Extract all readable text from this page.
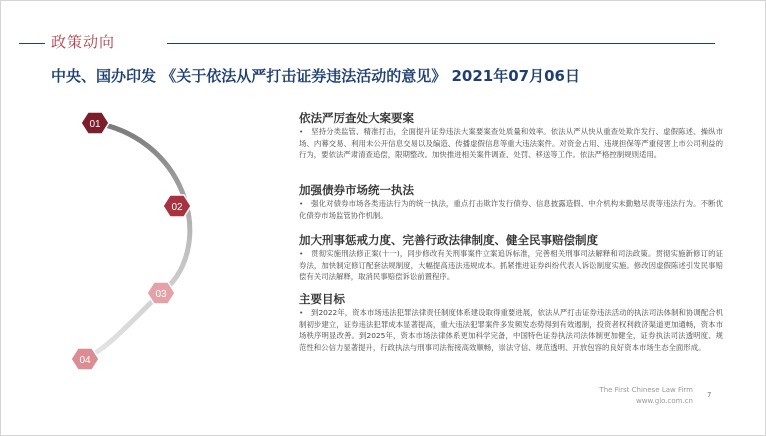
政策动向
中央、国办印发 《关于依法从严打击证券违法活动的意见》 2021年07月06日
01
02
03
04
依法严厉查处大案要案
• 坚持分类监管、精准打击，全面提升证券违法大案要案查处质量和效率。依法从严从快从重查处欺诈发行、虚假陈述、操纵市场、内幕交易、利用未公开信息交易以及编造、传播虚假信息等重大违法案件。对资金占用、违规担保等严重侵害上市公司利益的行为，要依法严肃清查追偿，限期整改。加快推进相关案件调查、处罚、移送等工作。依法严格控制规则适用。
加强债券市场统一执法
• 强化对债券市场各类违法行为的统一执法，重点打击欺诈发行债券、信息披露造假、中介机构未勤勉尽责等违法行为。不断优化债券市场监管协作机制。
加大刑事惩戒力度、完善行政法律制度、健全民事赔偿制度
• 贯彻实施刑法修正案(十一)，同步修改有关刑事案件立案追诉标准，完善相关刑事司法解释和司法政策。贯彻实施新修订的证券法，加快制定修订配套法规制度，大幅提高违法违规成本。抓紧推进证券纠纷代表人诉讼制度实施。修改因虚假陈述引发民事赔偿有关司法解释，取消民事赔偿诉讼前置程序。
主要目标
• 到2022年，资本市场违法犯罪法律责任制度体系建设取得重要进展，依法从严打击证券违法活动的执法司法体制和协调配合机制初步建立，证券违法犯罪成本显著提高，重大违法犯罪案件多发频发态势得到有效遏制，投资者权利救济渠道更加通畅，资本市场秩序明显改善。到2025年，资本市场法律体系更加科学完备，中国特色证券执法司法体制更加健全，证券执法司法透明度、规范性和公信力显著提升，行政执法与刑事司法衔接高效顺畅，崇法守信、规范透明、开放包容的良好资本市场生态全面形成。
The First Chinese Law Firm
www.glo.com.cn
7
